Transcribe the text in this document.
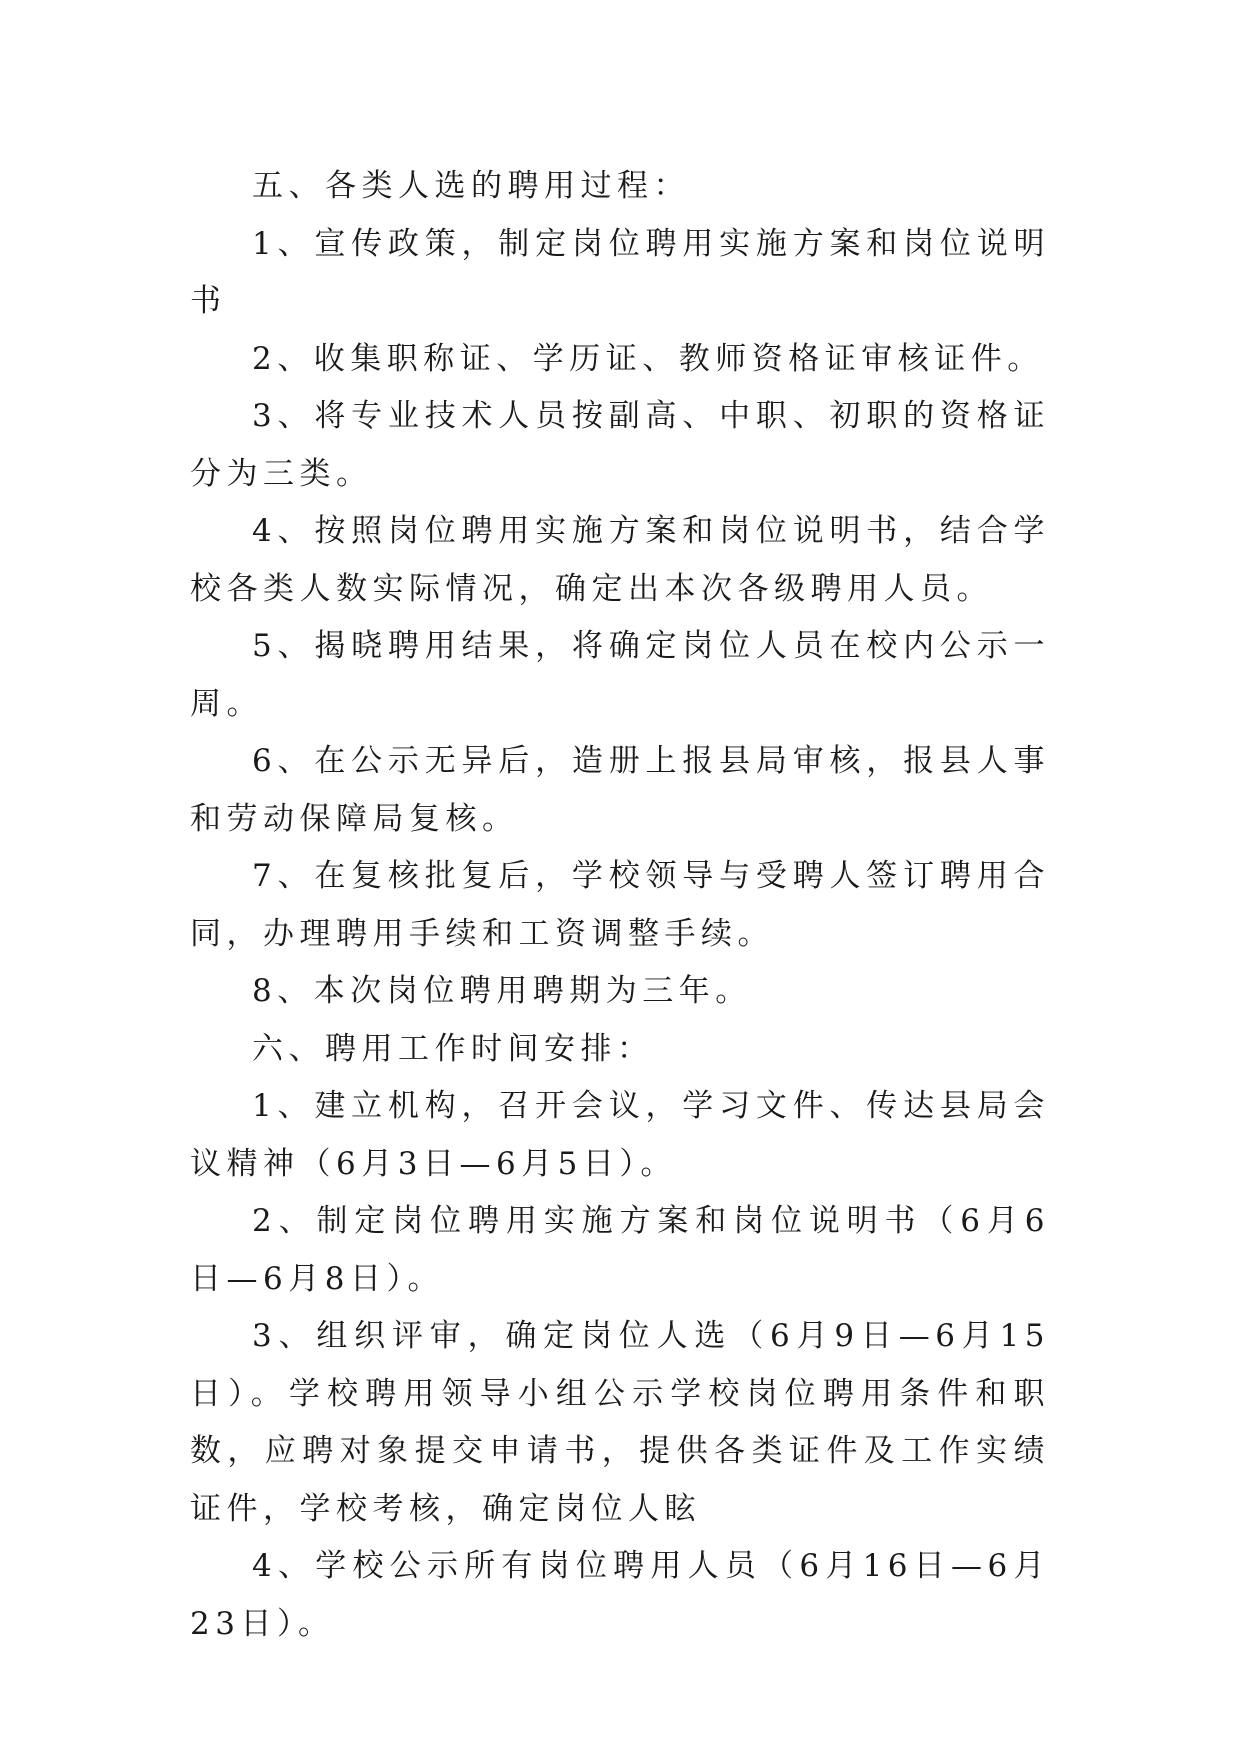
五、各类人选的聘用过程：

1、宣传政策，制定岗位聘用实施方案和岗位说明书

2、收集职称证、学历证、教师资格证审核证件。

3、将专业技术人员按副高、中职、初职的资格证分为三类。

4、按照岗位聘用实施方案和岗位说明书，结合学校各类人数实际情况，确定出本次各级聘用人员。

5、揭晓聘用结果，将确定岗位人员在校内公示一周。

6、在公示无异后，造册上报县局审核，报县人事和劳动保障局复核。

7、在复核批复后，学校领导与受聘人签订聘用合同，办理聘用手续和工资调整手续。

8、本次岗位聘用聘期为三年。

六、聘用工作时间安排：

1、建立机构，召开会议，学习文件、传达县局会议精神（6月3日—6月5日）。

2、制定岗位聘用实施方案和岗位说明书（6月6日—6月8日）。

3、组织评审，确定岗位人选（6月9日—6月15日）。学校聘用领导小组公示学校岗位聘用条件和职数，应聘对象提交申请书，提供各类证件及工作实绩证件，学校考核，确定岗位人眩

4、学校公示所有岗位聘用人员（6月16日—6月23日）。
